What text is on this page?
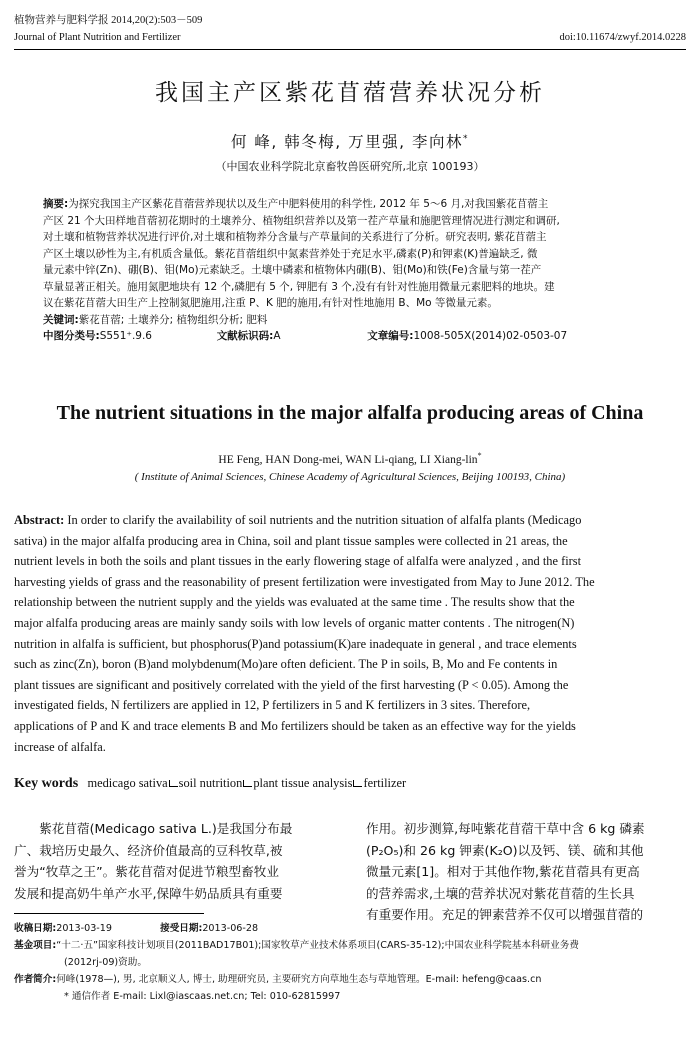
植物营养与肥料学报 2014,20(2):503－509
Journal of Plant Nutrition and Fertilizer	doi:10.11674/zwyf.2014.0228
我国主产区紫花苜蓿营养状况分析
何 峰, 韩冬梅, 万里强, 李向林*
（中国农业科学院北京畜牧兽医研究所,北京 100193）
摘要:为探究我国主产区紫花苜蓿营养现状以及生产中肥料使用的科学性, 2012 年 5～6 月,对我国紫花苜蓿主
产区 21 个大田样地苜蓿初花期时的土壤养分、植物组织营养以及第一茬产草量和施肥管理情况进行测定和调研,
对土壤和植物营养状况进行评价,对土壤和植物养分含量与产草量间的关系进行了分析。研究表明, 紫花苜蓿主
产区土壤以砂性为主,有机质含量低。紫花苜蓿组织中氮素营养处于充足水平,磷素(P)和钾素(K)普遍缺乏, 微
量元素中锌(Zn)、硼(B)、钼(Mo)元素缺乏。土壤中磷素和植物体内硼(B)、钼(Mo)和铁(Fe)含量与第一茬产
草量显著正相关。施用氮肥地块有 12 个,磷肥有 5 个, 钾肥有 3 个,没有有针对性施用微量元素肥料的地块。建
议在紫花苜蓿大田生产上控制氮肥施用,注重 P、K 肥的施用,有针对性地施用 B、Mo 等微量元素。
关键词:紫花苜蓿; 土壤养分; 植物组织分析; 肥料
中图分类号:S551⁺.9.6	文献标识码:A	文章编号:1008-505X(2014)02-0503-07
The nutrient situations in the major alfalfa producing areas of China
HE Feng, HAN Dong-mei, WAN Li-qiang, LI Xiang-lin*
( Institute of Animal Sciences, Chinese Academy of Agricultural Sciences, Beijing 100193, China)
Abstract: In order to clarify the availability of soil nutrients and the nutrition situation of alfalfa plants (Medicago
sativa) in the major alfalfa producing area in China, soil and plant tissue samples were collected in 21 areas, the
nutrient levels in both the soils and plant tissues in the early flowering stage of alfalfa were analyzed , and the first
harvesting yields of grass and the reasonability of present fertilization were investigated from May to June 2012. The
relationship between the nutrient supply and the yields was evaluated at the same time . The results show that the
major alfalfa producing areas are mainly sandy soils with low levels of organic matter contents . The nitrogen(N)
nutrition in alfalfa is sufficient, but phosphorus(P)and potassium(K)are inadequate in general , and trace elements
such as zinc(Zn), boron (B)and molybdenum(Mo)are often deficient. The P in soils, B, Mo and Fe contents in
plant tissues are significant and positively correlated with the yield of the first harvesting (P < 0.05). Among the
investigated fields, N fertilizers are applied in 12, P fertilizers in 5 and K fertilizers in 3 sites. Therefore,
applications of P and K and trace elements B and Mo fertilizers should be taken as an effective way for the yields
increase of alfalfa.
Key words medicago sativa soil nutrition plant tissue analysis fertilizer
紫花苜蓿(Medicago sativa L.)是我国分布最
广、栽培历史最久、经济价值最高的豆科牧草,被
誉为“牧草之王”。紫花苜蓿对促进节粮型畜牧业
发展和提高奶牛单产水平,保障牛奶品质具有重要
作用。初步测算,每吨紫花苜蓿干草中含 6 kg 磷素
(P₂O₅)和 26 kg 钾素(K₂O)以及钙、镁、硫和其他
微量元素[1]。相对于其他作物,紫花苜蓿具有更高
的营养需求,土壤的营养状况对紫花苜蓿的生长具
有重要作用。充足的钾素营养不仅可以增强苜蓿的
收稿日期:2013-03-19	接受日期:2013-06-28
基金项目:“十二·五”国家科技计划项目(2011BAD17B01);国家牧草产业技术体系项目(CARS-35-12);中国农业科学院基本科研业务费
(2012rj-09)资助。
作者简介:何峰(1978—), 男, 北京顺义人, 博士, 助理研究员, 主要研究方向草地生态与草地管理。E-mail: hefeng@caas.cn
* 通信作者 E-mail: Lixl@iascaas.net.cn; Tel: 010-62815997
